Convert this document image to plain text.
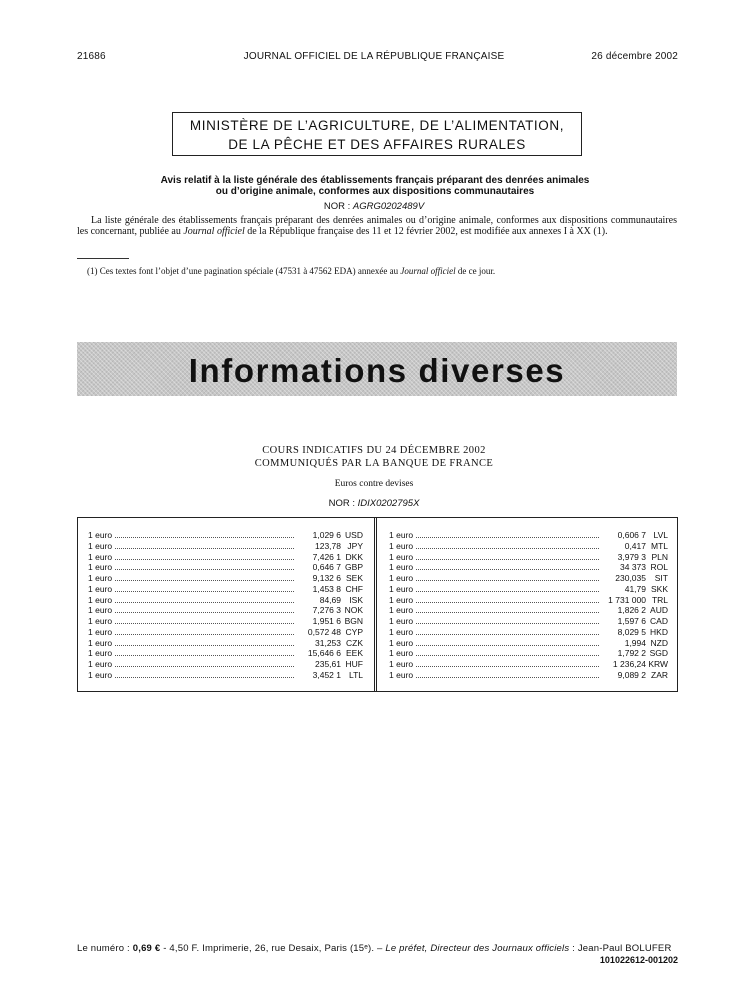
21686	JOURNAL OFFICIEL DE LA RÉPUBLIQUE FRANÇAISE	26 décembre 2002
MINISTÈRE DE L’AGRICULTURE, DE L’ALIMENTATION,
DE LA PÊCHE ET DES AFFAIRES RURALES
Avis relatif à la liste générale des établissements français préparant des denrées animales
ou d’origine animale, conformes aux dispositions communautaires
NOR : AGRG0202489V
La liste générale des établissements français préparant des denrées animales ou d’origine animale, conformes aux dispositions communautaires les concernant, publiée au Journal officiel de la République française des 11 et 12 février 2002, est modifiée aux annexes I à XX (1).
(1) Ces textes font l’objet d’une pagination spéciale (47531 à 47562 EDA) annexée au Journal officiel de ce jour.
Informations diverses
COURS INDICATIFS DU 24 DÉCEMBRE 2002
COMMUNIQUÉS PAR LA BANQUE DE FRANCE
Euros contre devises
NOR : IDIX0202795X
1 euro	1,029 6 USD
1 euro	123,78 JPY
1 euro	7,426 1 DKK
1 euro	0,646 7 GBP
1 euro	9,132 6 SEK
1 euro	1,453 8 CHF
1 euro	84,69 ISK
1 euro	7,276 3 NOK
1 euro	1,951 6 BGN
1 euro	0,572 48 CYP
1 euro	31,253 CZK
1 euro	15,646 6 EEK
1 euro	235,61 HUF
1 euro	3,452 1 LTL
1 euro	0,606 7 LVL
1 euro	0,417 MTL
1 euro	3,979 3 PLN
1 euro	34 373 ROL
1 euro	230,035	SIT
1 euro	41,79 SKK
1 euro	1 731 000 TRL
1 euro	1,826 2 AUD
1 euro	1,597 6 CAD
1 euro	8,029 5 HKD
1 euro	1,994 NZD
1 euro	1,792 2 SGD
1 euro	1 236,24 KRW
1 euro	9,089 2 ZAR
Le numéro : 0,69 € - 4,50 F. Imprimerie, 26, rue Desaix, Paris (15ᵉ). – Le préfet, Directeur des Journaux officiels : Jean-Paul BOLUFER
101022612-001202
